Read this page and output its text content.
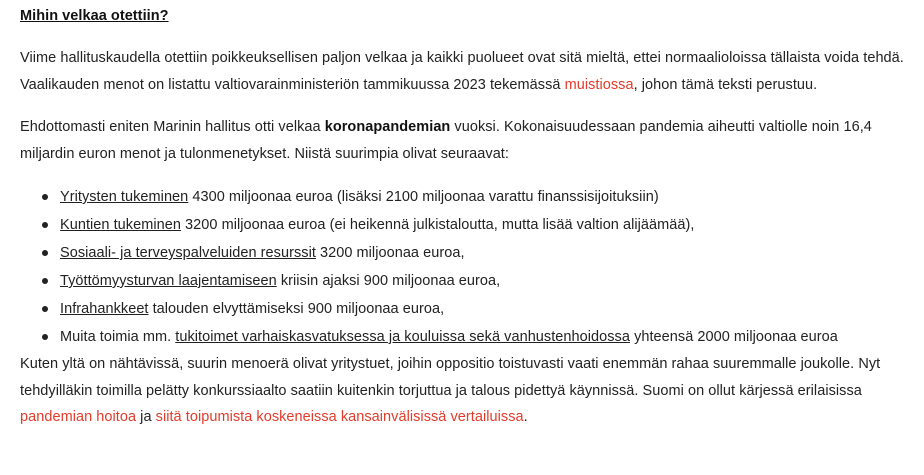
Mihin velkaa otettiin?

Viime hallituskaudella otettiin poikkeuksellisen paljon velkaa ja kaikki puolueet ovat sitä mieltä, ettei normaalioloissa tällaista voida tehdä. Vaalikauden menot on listattu valtiovarainministeriön tammikuussa 2023 tekemässä muistiossa, johon tämä teksti perustuu.

Ehdottomasti eniten Marinin hallitus otti velkaa koronapandemian vuoksi. Kokonaisuudessaan pandemia aiheutti valtiolle noin 16,4 miljardin euron menot ja tulonmenetykset. Niistä suurimpia olivat seuraavat:

Yritysten tukeminen 4300 miljoonaa euroa (lisäksi 2100 miljoonaa varattu finanssisijoituksiin)
Kuntien tukeminen 3200 miljoonaa euroa (ei heikennä julkistaloutta, mutta lisää valtion alijäämää),
Sosiaali- ja terveyspalveluiden resurssit 3200 miljoonaa euroa,
Työttömyysturvan laajentamiseen kriisin ajaksi 900 miljoonaa euroa,
Infrahankkeet talouden elvyttämiseksi 900 miljoonaa euroa,
Muita toimia mm. tukitoimet varhaiskasvatuksessa ja kouluissa sekä vanhustenhoidossa yhteensä 2000 miljoonaa euroa

Kuten yltä on nähtävissä, suurin menoerä olivat yritystuet, joihin oppositio toistuvasti vaati enemmän rahaa suuremmalle joukolle. Nyt tehdyilläkin toimilla pelätty konkurssiaalto saatiin kuitenkin torjuttua ja talous pidettyä käynnissä. Suomi on ollut kärjessä erilaisissa pandemian hoitoa ja siitä toipumista koskeneissa kansainvälisissä vertailuissa.
